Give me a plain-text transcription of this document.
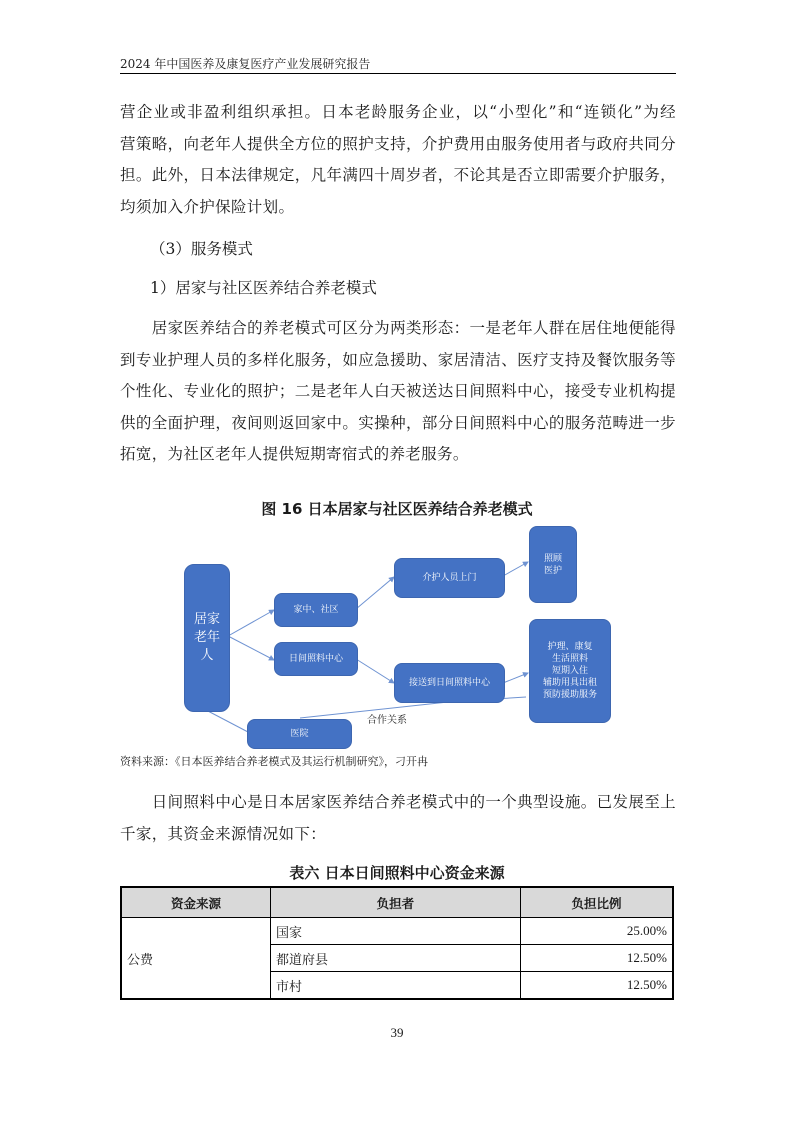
2024 年中国医养及康复医疗产业发展研究报告
营企业或非盈利组织承担。日本老龄服务企业，以“小型化”和“连锁化”为经
营策略，向老年人提供全方位的照护支持，介护费用由服务使用者与政府共同分
担。此外，日本法律规定，凡年满四十周岁者，不论其是否立即需要介护服务，
均须加入介护保险计划。
（3）服务模式
1）居家与社区医养结合养老模式
　　居家医养结合的养老模式可区分为两类形态：一是老年人群在居住地便能得
到专业护理人员的多样化服务，如应急援助、家居清洁、医疗支持及餐饮服务等
个性化、专业化的照护；二是老年人白天被送达日间照料中心，接受专业机构提
供的全面护理，夜间则返回家中。实操种，部分日间照料中心的服务范畴进一步
拓宽，为社区老年人提供短期寄宿式的养老服务。
图 16 日本居家与社区医养结合养老模式
居家
老年
人
家中、社区
日间照料中心
医院
介护人员上门
接送到日间照料中心
照顾
医护
护理、康复
生活照料
短期入住
辅助用具出租
预防援助服务
合作关系
资料来源：《日本医养结合养老模式及其运行机制研究》，刁开冉
　　日间照料中心是日本居家医养结合养老模式中的一个典型设施。已发展至上
千家，其资金来源情况如下：
表六 日本日间照料中心资金来源
资金来源	负担者	负担比例
公费	国家	25.00%
	都道府县	12.50%
	市村	12.50%
39
